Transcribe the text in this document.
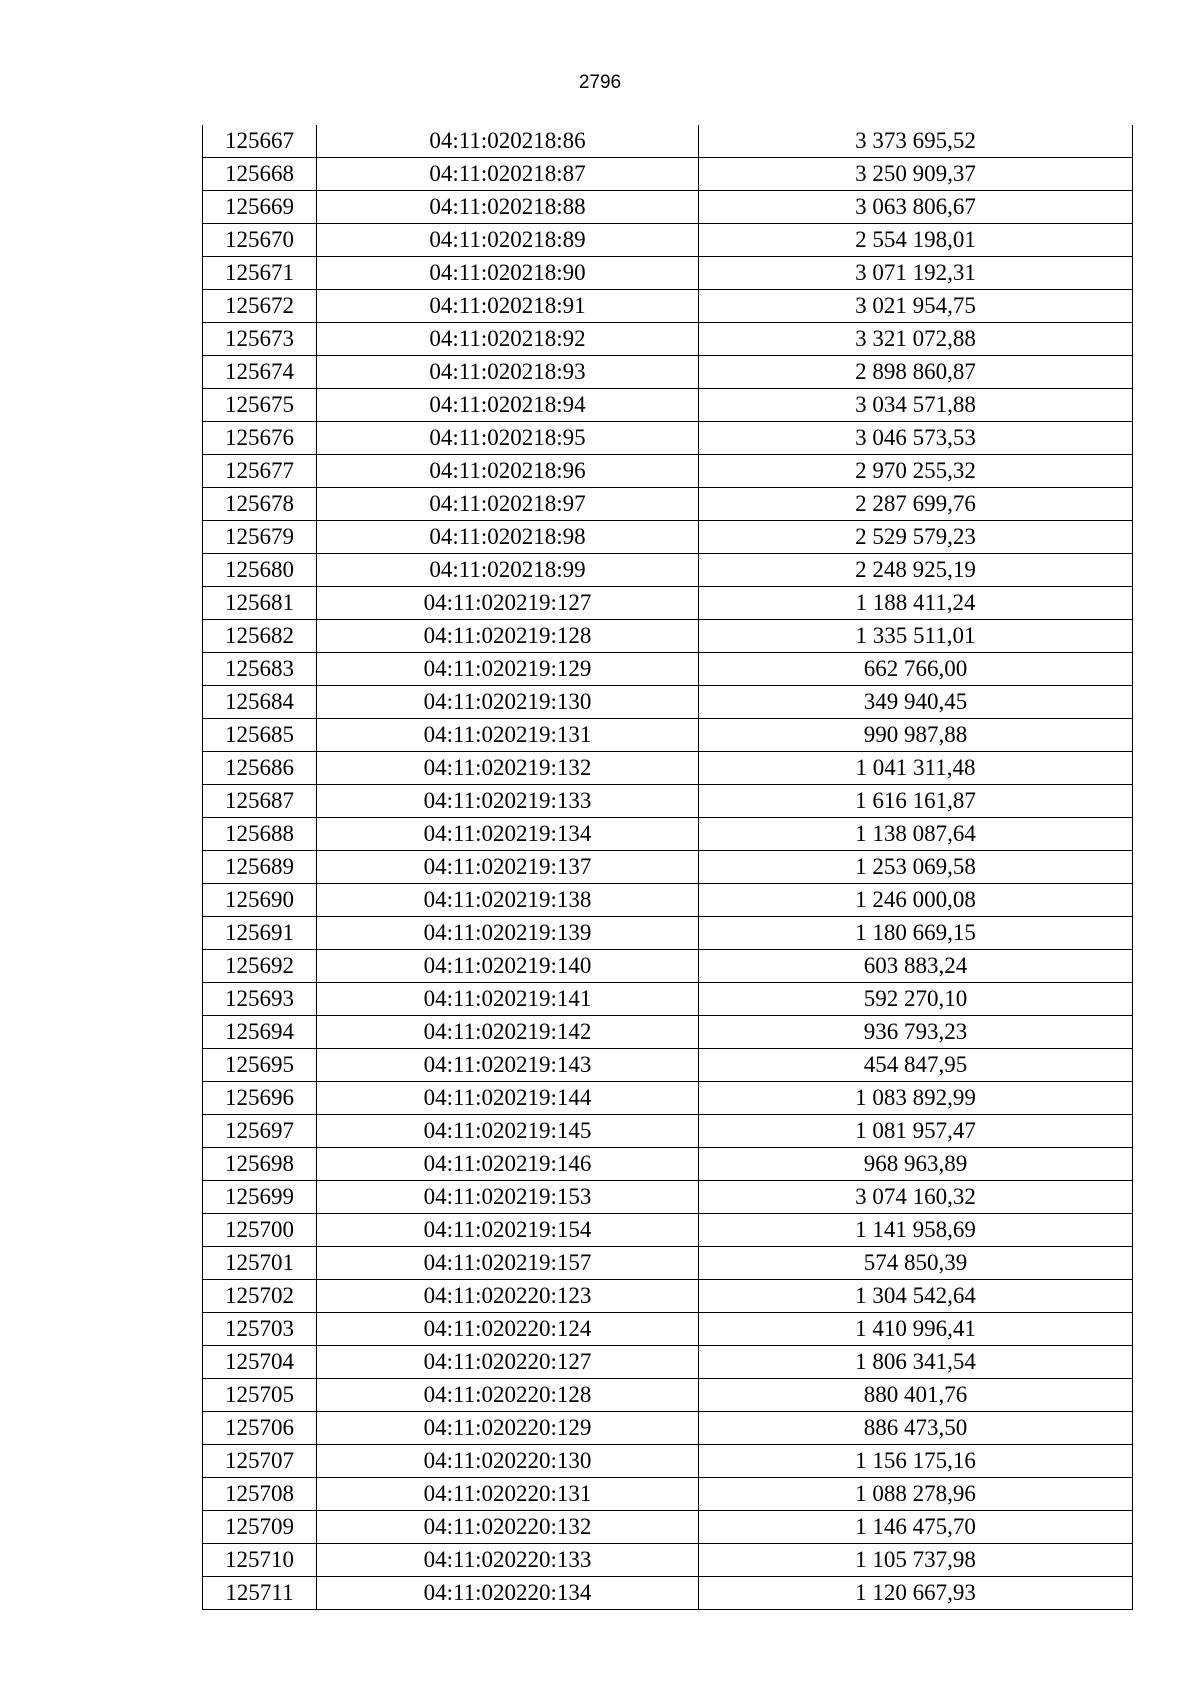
2796
125667	04:11:020218:86	3 373 695,52
125668	04:11:020218:87	3 250 909,37
125669	04:11:020218:88	3 063 806,67
125670	04:11:020218:89	2 554 198,01
125671	04:11:020218:90	3 071 192,31
125672	04:11:020218:91	3 021 954,75
125673	04:11:020218:92	3 321 072,88
125674	04:11:020218:93	2 898 860,87
125675	04:11:020218:94	3 034 571,88
125676	04:11:020218:95	3 046 573,53
125677	04:11:020218:96	2 970 255,32
125678	04:11:020218:97	2 287 699,76
125679	04:11:020218:98	2 529 579,23
125680	04:11:020218:99	2 248 925,19
125681	04:11:020219:127	1 188 411,24
125682	04:11:020219:128	1 335 511,01
125683	04:11:020219:129	662 766,00
125684	04:11:020219:130	349 940,45
125685	04:11:020219:131	990 987,88
125686	04:11:020219:132	1 041 311,48
125687	04:11:020219:133	1 616 161,87
125688	04:11:020219:134	1 138 087,64
125689	04:11:020219:137	1 253 069,58
125690	04:11:020219:138	1 246 000,08
125691	04:11:020219:139	1 180 669,15
125692	04:11:020219:140	603 883,24
125693	04:11:020219:141	592 270,10
125694	04:11:020219:142	936 793,23
125695	04:11:020219:143	454 847,95
125696	04:11:020219:144	1 083 892,99
125697	04:11:020219:145	1 081 957,47
125698	04:11:020219:146	968 963,89
125699	04:11:020219:153	3 074 160,32
125700	04:11:020219:154	1 141 958,69
125701	04:11:020219:157	574 850,39
125702	04:11:020220:123	1 304 542,64
125703	04:11:020220:124	1 410 996,41
125704	04:11:020220:127	1 806 341,54
125705	04:11:020220:128	880 401,76
125706	04:11:020220:129	886 473,50
125707	04:11:020220:130	1 156 175,16
125708	04:11:020220:131	1 088 278,96
125709	04:11:020220:132	1 146 475,70
125710	04:11:020220:133	1 105 737,98
125711	04:11:020220:134	1 120 667,93
